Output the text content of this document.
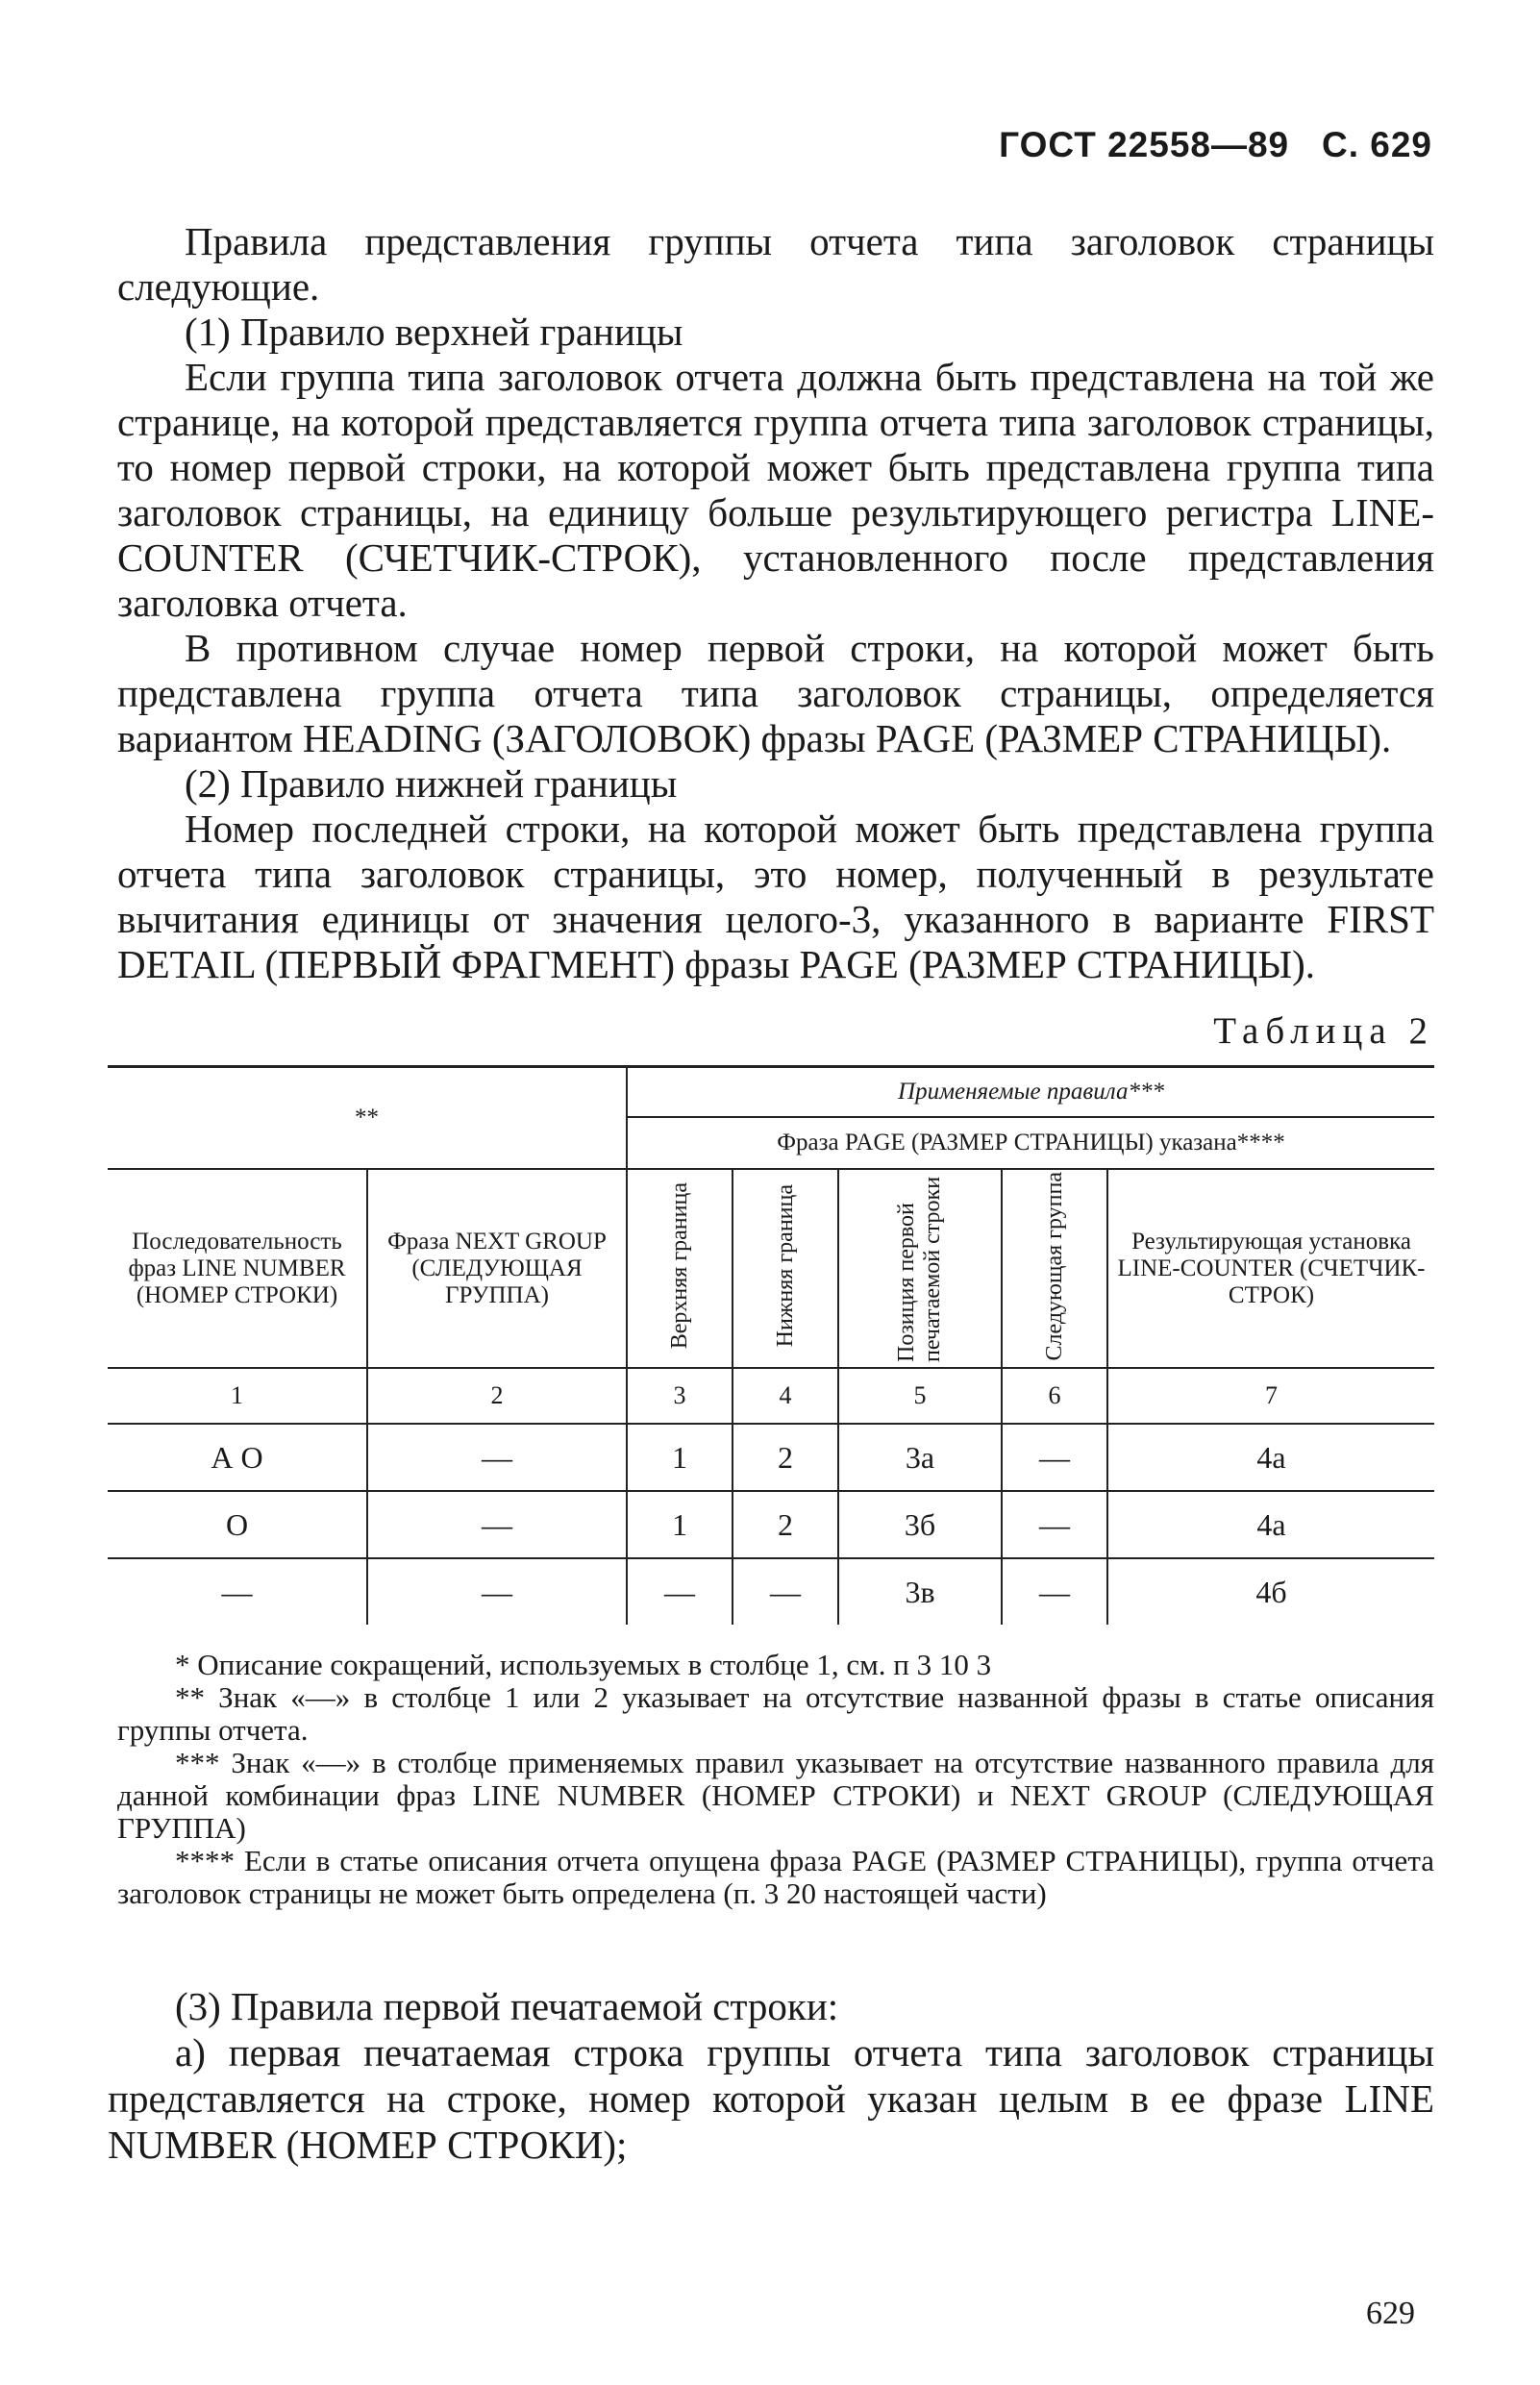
ГОСТ 22558—89 С. 629

Правила представления группы отчета типа заголовок страницы следующие.

(1) Правило верхней границы

Если группа типа заголовок отчета должна быть представлена на той же странице, на которой представляется группа отчета типа заголовок страницы, то номер первой строки, на которой может быть представлена группа типа заголовок страницы, на единицу больше результирующего регистра LINE-COUNTER (СЧЕТЧИК-СТРОК), установленного после представления заголовка отчета.

В противном случае номер первой строки, на которой может быть представлена группа отчета типа заголовок страницы, определяется вариантом HEADING (ЗАГОЛОВОК) фразы PAGE (РАЗМЕР СТРАНИЦЫ).

(2) Правило нижней границы

Номер последней строки, на которой может быть представлена группа отчета типа заголовок страницы, это номер, полученный в результате вычитания единицы от значения целого-3, указанного в варианте FIRST DETAIL (ПЕРВЫЙ ФРАГМЕНТ) фразы PAGE (РАЗМЕР СТРАНИЦЫ).

Таблица 2
**		Применяемые правила***				
		Фраза PAGE (РАЗМЕР СТРАНИЦЫ) указана****				
Последовательность фраз LINE NUMBER (НОМЕР СТРОКИ)	Фраза NEXT GROUP (СЛЕДУЮЩАЯ ГРУППА)	Верхняя граница	Нижняя граница	Позиция первой печатаемой строки	Следующая группа	Результирующая установка LINE-COUNTER (СЧЕТЧИК-СТРОК)
1	2	3	4	5	6	7
А О	—	1	2	3а	—	4а
О	—	1	2	3б	—	4а
—	—	—	—	3в	—	4б

* Описание сокращений, используемых в столбце 1, см. п 3 10 3

** Знак «—» в столбце 1 или 2 указывает на отсутствие названной фразы в статье описания группы отчета.

*** Знак «—» в столбце применяемых правил указывает на отсутствие названного правила для данной комбинации фраз LINE NUMBER (НОМЕР СТРОКИ) и NEXT GROUP (СЛЕДУЮЩАЯ ГРУППА)

**** Если в статье описания отчета опущена фраза PAGE (РАЗМЕР СТРАНИЦЫ), группа отчета заголовок страницы не может быть определена (п. 3 20 настоящей части)

(3) Правила первой печатаемой строки:

а) первая печатаемая строка группы отчета типа заголовок страницы представляется на строке, номер которой указан целым в ее фразе LINE NUMBER (НОМЕР СТРОКИ);

629
